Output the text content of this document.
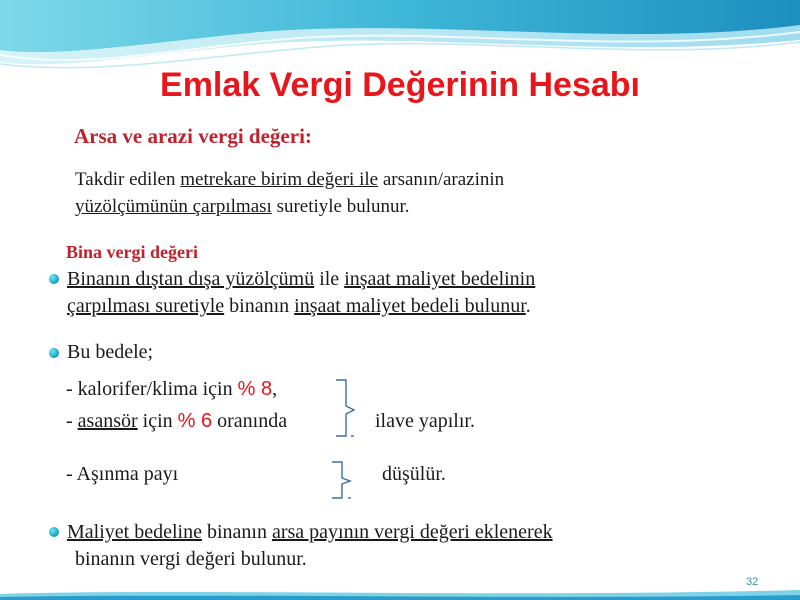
Emlak Vergi Değerinin Hesabı
Arsa ve arazi vergi değeri:
Takdir edilen metrekare birim değeri ile arsanın/arazinin
yüzölçümünün çarpılması suretiyle bulunur.
Bina vergi değeri
Binanın dıştan dışa yüzölçümü ile inşaat maliyet bedelinin
çarpılması suretiyle binanın inşaat maliyet bedeli bulunur.
Bu bedele;
- kalorifer/klima için % 8,
- asansör için % 6 oranında	ilave yapılır.
- Aşınma payı	düşülür.
Maliyet bedeline binanın arsa payının vergi değeri eklenerek
binanın vergi değeri bulunur.
32
